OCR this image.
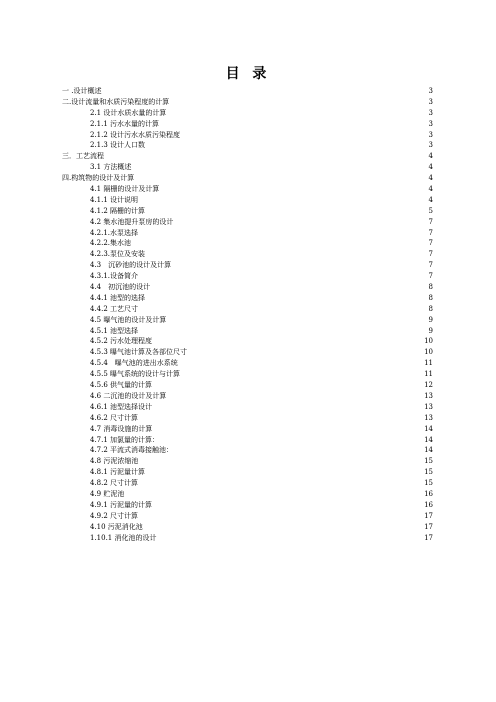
目 录
一 .设计概述	3
二.设计流量和水质污染程度的计算	3
2.1 设计水质水量的计算	3
2.1.1 污水水量的计算	3
2.1.2 设计污水水质污染程度	3
2.1.3 设计人口数	3
三．工艺流程	4
3.1 方法概述	4
四.构筑物的设计及计算	4
4.1 隔栅的设计及计算	4
4.1.1 设计说明	4
4.1.2 隔栅的计算	5
4.2 集水池提升泵房的设计	7
4.2.1.水泵选择	7
4.2.2.集水池	7
4.2.3.泵位及安装	7
4.3　沉砂池的设计及计算	7
4.3.1.设备简介	7
4.4　初沉池的设计	8
4.4.1 池型的选择	8
4.4.2 工艺尺寸	8
4.5 曝气池的设计及计算	9
4.5.1 池型选择	9
4.5.2 污水处理程度	10
4.5.3 曝气池计算及各部位尺寸	10
4.5.4　曝气池的进出水系统	11
4.5.5 曝气系统的设计与计算	11
4.5.6 供气量的计算	12
4.6 二沉池的设计及计算	13
4.6.1 池型选择设计	13
4.6.2 尺寸计算	13
4.7 消毒设施的计算	14
4.7.1 加氯量的计算：	14
4.7.2 平流式消毒接触池：	14
4.8 污泥浓缩池	15
4.8.1 污泥量计算	15
4.8.2 尺寸计算	15
4.9 贮泥池	16
4.9.1 污泥量的计算	16
4.9.2 尺寸计算	17
4.10 污泥消化池	17
1.10.1 消化池的设计	17
